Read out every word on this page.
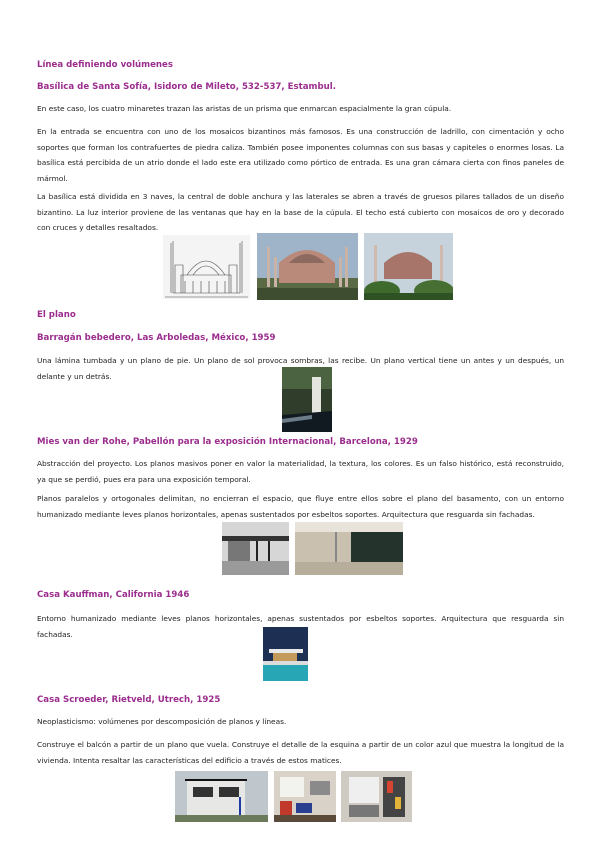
Línea definiendo volúmenes
Basílica de Santa Sofía, Isidoro de Mileto, 532-537, Estambul.
En este caso, los cuatro minaretes trazan las aristas de un prisma que enmarcan espacialmente la gran cúpula.
En la entrada se encuentra con uno de los mosaicos bizantinos más famosos. Es una construcción de ladrillo, con cimentación y ocho soportes que forman los contrafuertes de piedra caliza. También posee imponentes columnas con sus basas y capiteles o enormes losas. La basílica está percibida de un atrio donde el lado este era utilizado como pórtico de entrada. Es una gran cámara cierta con finos paneles de mármol.
La basílica está dividida en 3 naves, la central de doble anchura y las laterales se abren a través de gruesos pilares tallados de un diseño bizantino. La luz interior proviene de las ventanas que hay en la base de la cúpula. El techo está cubierto con mosaicos de oro y decorado con cruces y detalles resaltados.
El plano
Barragán bebedero, Las Arboledas, México, 1959
Una lámina tumbada y un plano de pie. Un plano de sol provoca sombras, las recibe. Un plano vertical tiene un antes y un después, un delante y un detrás.
Mies van der Rohe, Pabellón para la exposición Internacional, Barcelona, 1929
Abstracción del proyecto. Los planos masivos poner en valor la materialidad, la textura, los colores. Es un falso histórico, está reconstruido, ya que se perdió, pues era para una exposición temporal.
Planos paralelos y ortogonales delimitan, no encierran el espacio, que fluye entre ellos sobre el plano del basamento, con un entorno humanizado mediante leves planos horizontales, apenas sustentados por esbeltos soportes. Arquitectura que resguarda sin fachadas.
Casa Kauffman, California 1946
Entorno humanizado mediante leves planos horizontales, apenas sustentados por esbeltos soportes. Arquitectura que resguarda sin fachadas.
Casa Scroeder, Rietveld, Utrech, 1925
Neoplasticismo: volúmenes por descomposición de planos y líneas.
Construye el balcón a partir de un plano que vuela. Construye el detalle de la esquina a partir de un color azul que muestra la longitud de la vivienda. Intenta resaltar las características del edificio a través de estos matices.
